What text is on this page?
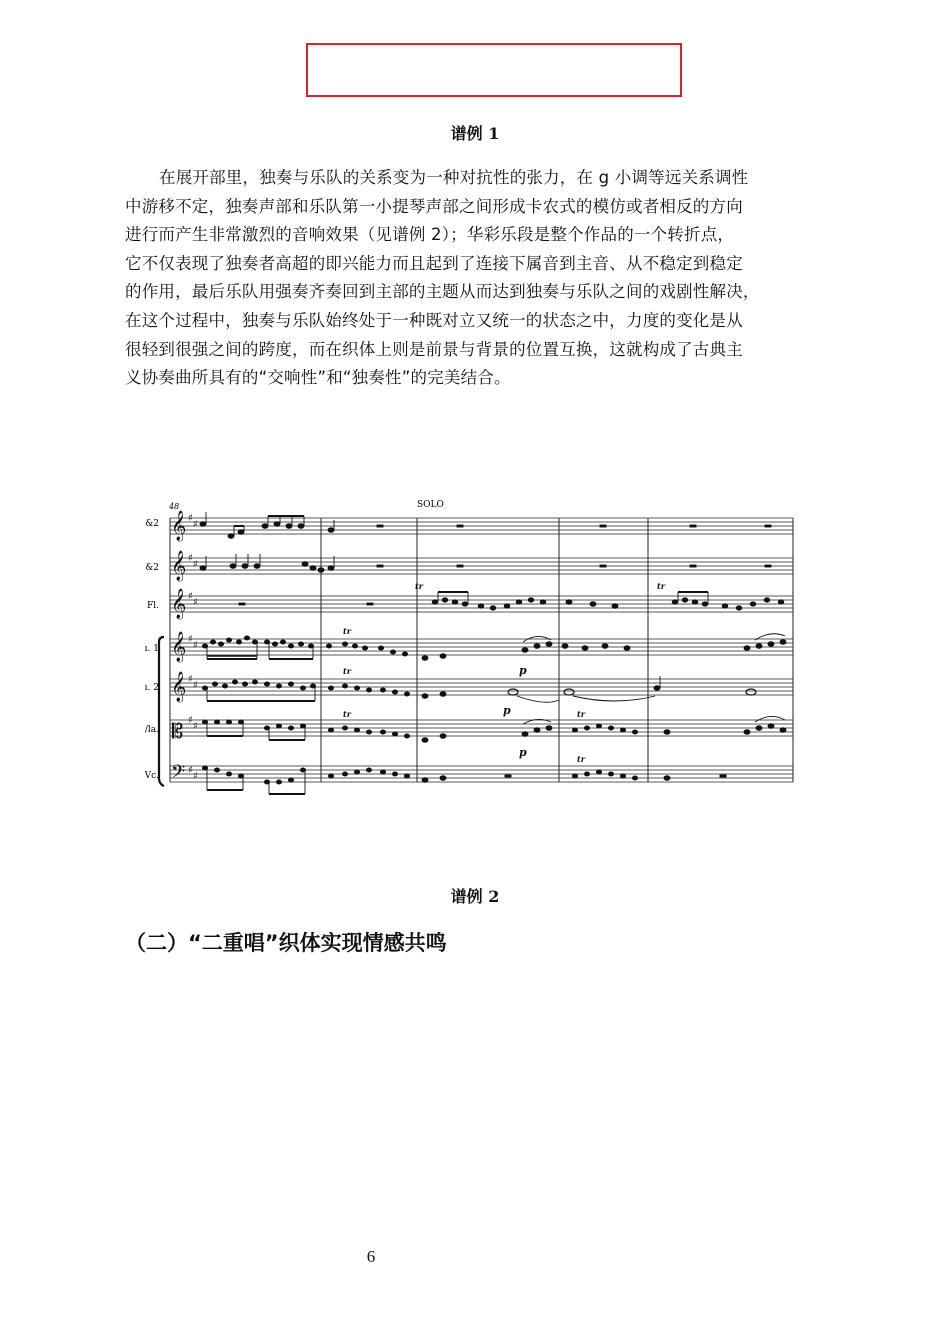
谱例 1

在展开部里，独奏与乐队的关系变为一种对抗性的张力，在 g 小调等远关系调性
中游移不定，独奏声部和乐队第一小提琴声部之间形成卡农式的模仿或者相反的方向
进行而产生非常激烈的音响效果（见谱例 2）；华彩乐段是整个作品的一个转折点，
它不仅表现了独奏者高超的即兴能力而且起到了连接下属音到主音、从不稳定到稳定
的作用，最后乐队用强奏齐奏回到主部的主题从而达到独奏与乐队之间的戏剧性解决，
在这个过程中，独奏与乐队始终处于一种既对立又统一的状态之中，力度的变化是从
很轻到很强之间的跨度，而在织体上则是前景与背景的位置互换，这就构成了古典主
义协奏曲所具有的“交响性”和“独奏性”的完美结合。

48	SOLO
&2
&2
Fl.
ı. 1
ı. 2
/la.
Vc.
𝄞
𝄞
𝄞
𝄞
𝄞
𝄡
𝄢
♯
♯
♯
♯
♯
♯
♯
♯
♯
♯
♯
♯
♯
♯
tr	tr
tr
p
tr
p
tr
p
tr
tr
谱例 2
（二）“二重唱”织体实现情感共鸣
6
